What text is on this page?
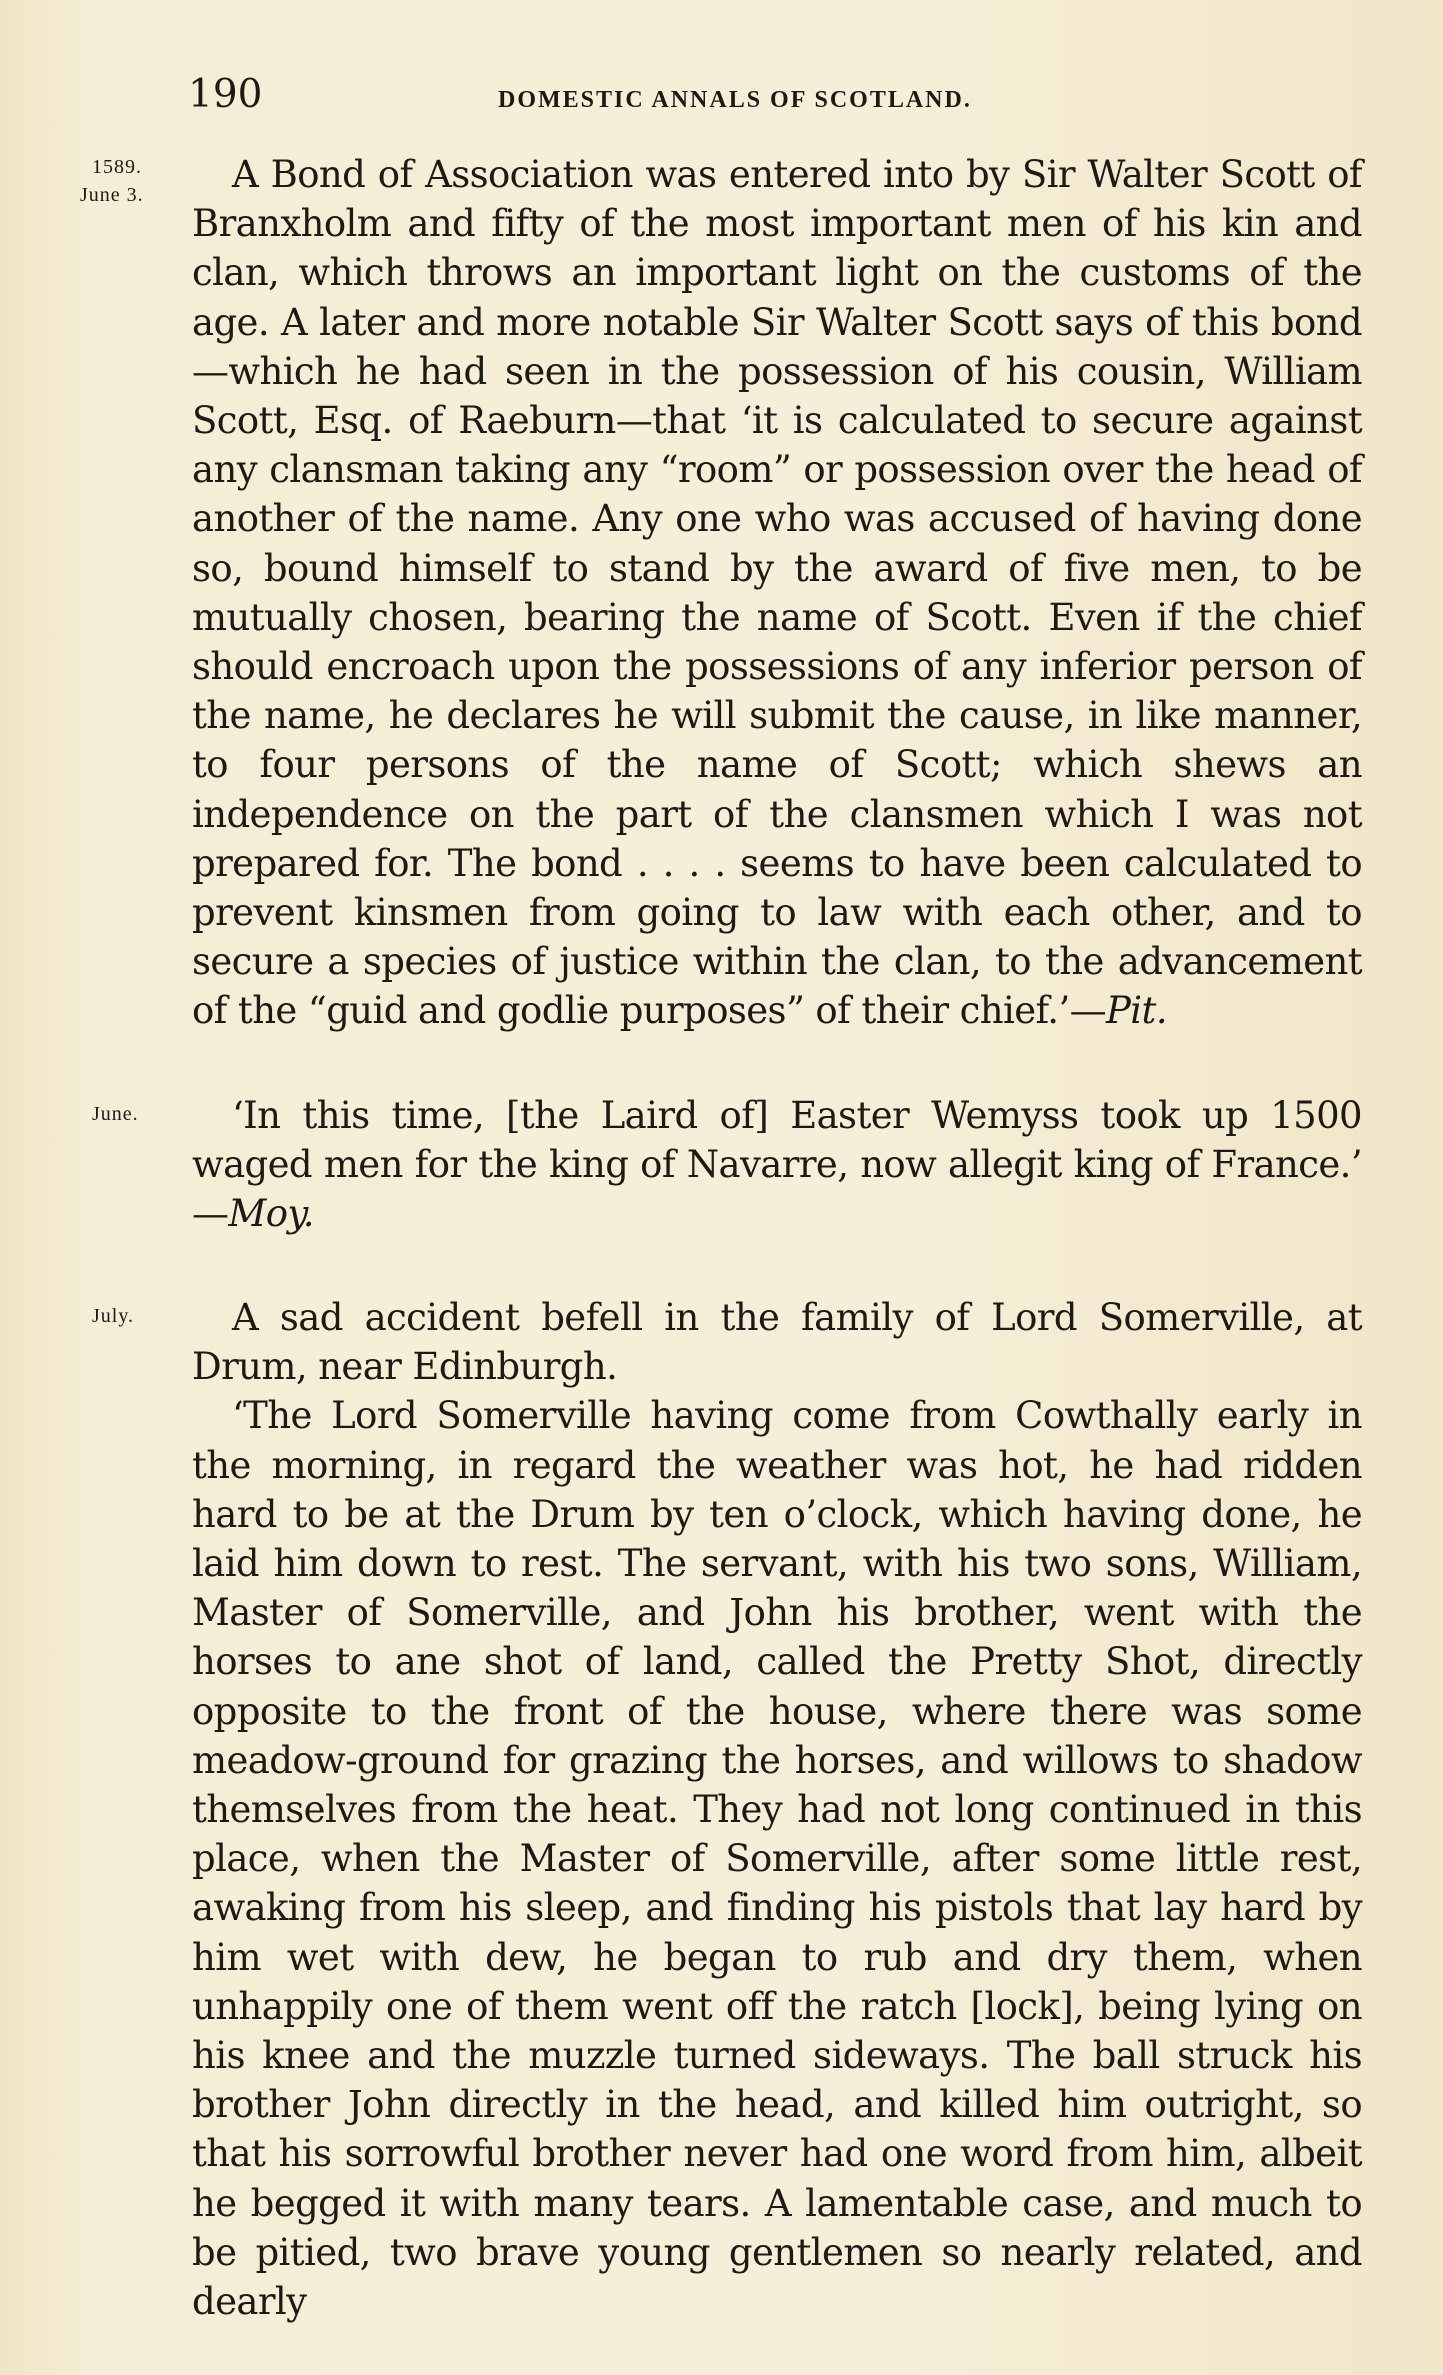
190	DOMESTIC ANNALS OF SCOTLAND.
1589.
June 3.
June.
July.

A Bond of Association was entered into by Sir Walter Scott of Branxholm and fifty of the most important men of his kin and clan, which throws an important light on the customs of the age. A later and more notable Sir Walter Scott says of this bond—which he had seen in the possession of his cousin, William Scott, Esq. of Raeburn—that ‘it is calculated to secure against any clansman taking any “room” or possession over the head of another of the name. Any one who was accused of having done so, bound himself to stand by the award of five men, to be mutually chosen, bearing the name of Scott. Even if the chief should encroach upon the possessions of any inferior person of the name, he declares he will submit the cause, in like manner, to four persons of the name of Scott; which shews an independence on the part of the clansmen which I was not prepared for. The bond . . . . seems to have been calculated to prevent kinsmen from going to law with each other, and to secure a species of justice within the clan, to the advancement of the “guid and godlie purposes” of their chief.’—Pit.

‘In this time, [the Laird of] Easter Wemyss took up 1500 waged men for the king of Navarre, now allegit king of France.’ —Moy.

A sad accident befell in the family of Lord Somerville, at Drum, near Edinburgh.

‘The Lord Somerville having come from Cowthally early in the morning, in regard the weather was hot, he had ridden hard to be at the Drum by ten o’clock, which having done, he laid him down to rest. The servant, with his two sons, William, Master of Somerville, and John his brother, went with the horses to ane shot of land, called the Pretty Shot, directly opposite to the front of the house, where there was some meadow-ground for grazing the horses, and willows to shadow themselves from the heat. They had not long continued in this place, when the Master of Somerville, after some little rest, awaking from his sleep, and finding his pistols that lay hard by him wet with dew, he began to rub and dry them, when unhappily one of them went off the ratch [lock], being lying on his knee and the muzzle turned sideways. The ball struck his brother John directly in the head, and killed him outright, so that his sorrowful brother never had one word from him, albeit he begged it with many tears. A lamentable case, and much to be pitied, two brave young gentlemen so nearly related, and dearly
